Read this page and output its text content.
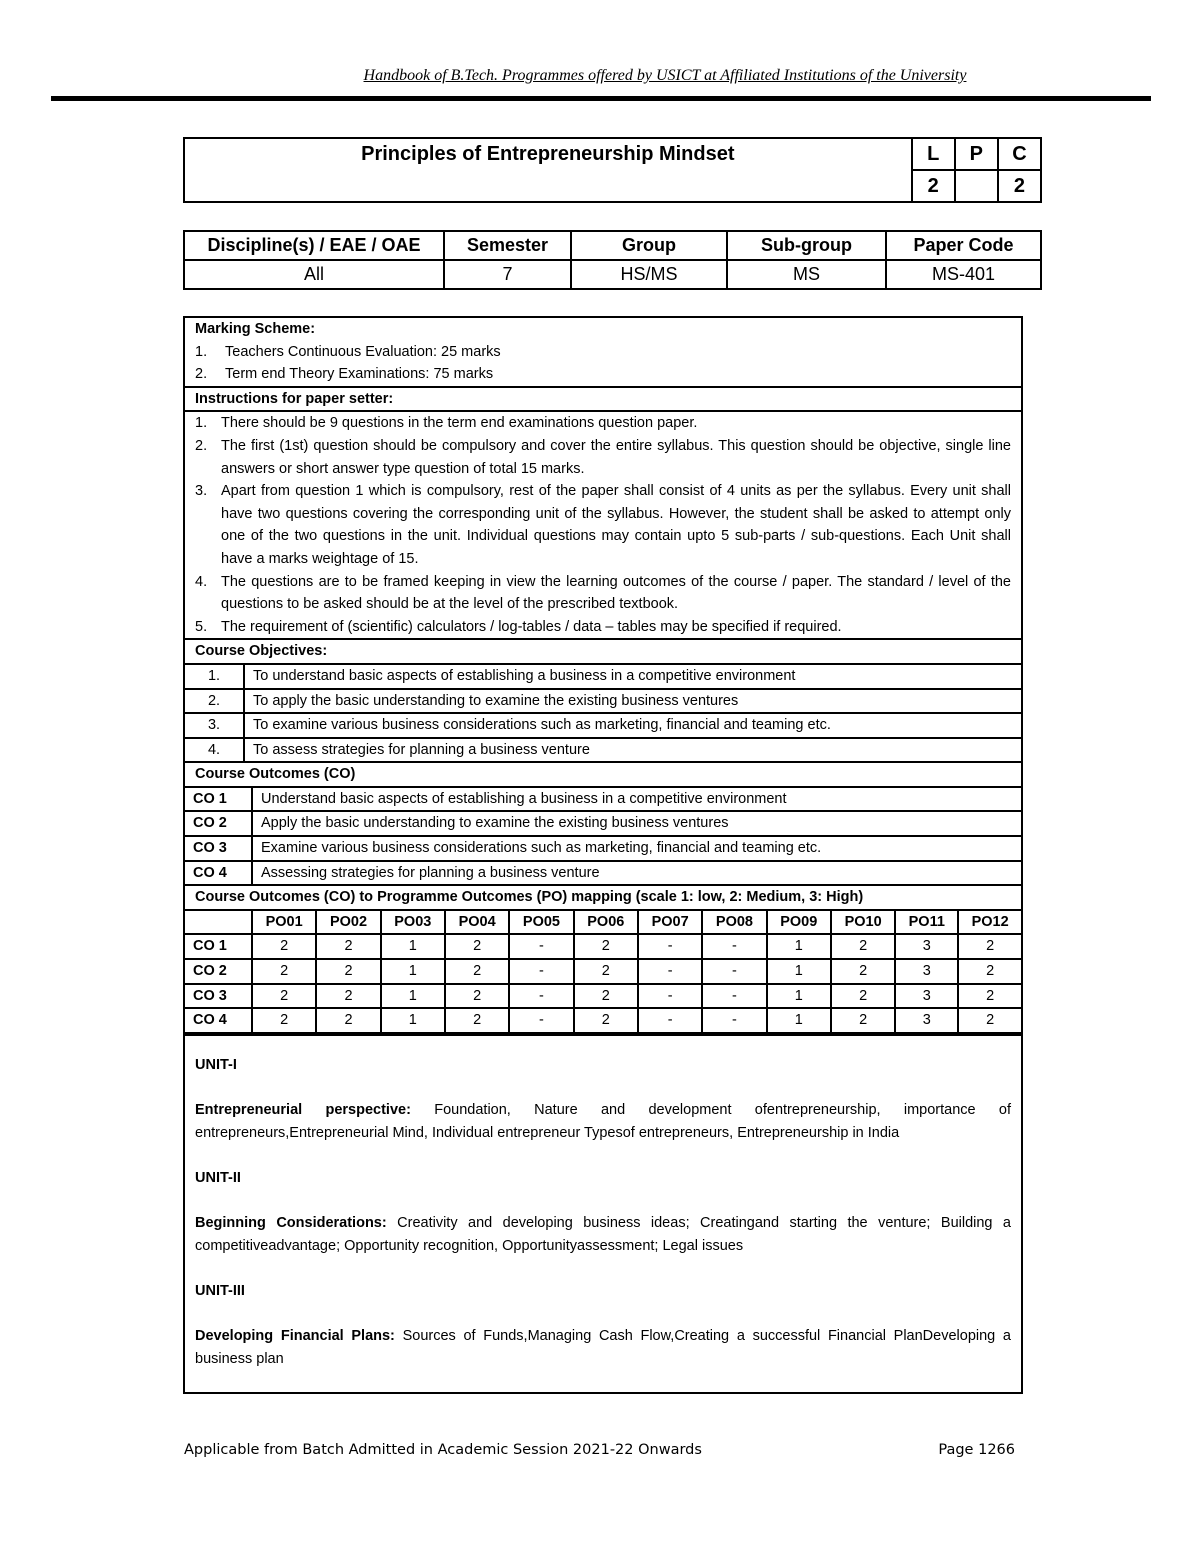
Handbook of B.Tech. Programmes offered by USICT at Affiliated Institutions of the University
Principles of Entrepreneurship Mindset	L	P	C
	2		2
Discipline(s) / EAE / OAE	Semester	Group	Sub-group	Paper Code
All	7	HS/MS	MS	MS-401
Marking Scheme:
1.	Teachers Continuous Evaluation: 25 marks
2.	Term end Theory Examinations: 75 marks
Instructions for paper setter:
1. There should be 9 questions in the term end examinations question paper.
2. The first (1st) question should be compulsory and cover the entire syllabus. This question should be objective, single line answers or short answer type question of total 15 marks.
3. Apart from question 1 which is compulsory, rest of the paper shall consist of 4 units as per the syllabus. Every unit shall have two questions covering the corresponding unit of the syllabus. However, the student shall be asked to attempt only one of the two questions in the unit. Individual questions may contain upto 5 sub-parts / sub-questions. Each Unit shall have a marks weightage of 15.
4. The questions are to be framed keeping in view the learning outcomes of the course / paper. The standard / level of the questions to be asked should be at the level of the prescribed textbook.
5. The requirement of (scientific) calculators / log-tables / data – tables may be specified if required.
Course Objectives:
1.	To understand basic aspects of establishing a business in a competitive environment
2.	To apply the basic understanding to examine the existing business ventures
3.	To examine various business considerations such as marketing, financial and teaming etc.
4.	To assess strategies for planning a business venture
Course Outcomes (CO)
CO 1	Understand basic aspects of establishing a business in a competitive environment
CO 2	Apply the basic understanding to examine the existing business ventures
CO 3	Examine various business considerations such as marketing, financial and teaming etc.
CO 4	Assessing strategies for planning a business venture
Course Outcomes (CO) to Programme Outcomes (PO) mapping (scale 1: low, 2: Medium, 3: High)
	PO01	PO02	PO03	PO04	PO05	PO06	PO07	PO08	PO09	PO10	PO11	PO12
CO 1	2	2	1	2	-	2	-	-	1	2	3	2
CO 2	2	2	1	2	-	2	-	-	1	2	3	2
CO 3	2	2	1	2	-	2	-	-	1	2	3	2
CO 4	2	2	1	2	-	2	-	-	1	2	3	2

UNIT-I

Entrepreneurial perspective: Foundation, Nature and development ofentrepreneurship, importance of entrepreneurs,Entrepreneurial Mind, Individual entrepreneur Typesof entrepreneurs, Entrepreneurship in India

UNIT-II

Beginning Considerations: Creativity and developing business ideas; Creatingand starting the venture; Building a competitiveadvantage; Opportunity recognition, Opportunityassessment; Legal issues

UNIT-III

Developing Financial Plans: Sources of Funds,Managing Cash Flow,Creating a successful Financial PlanDeveloping a business plan

Applicable from Batch Admitted in Academic Session 2021-22 Onwards	Page 1266
